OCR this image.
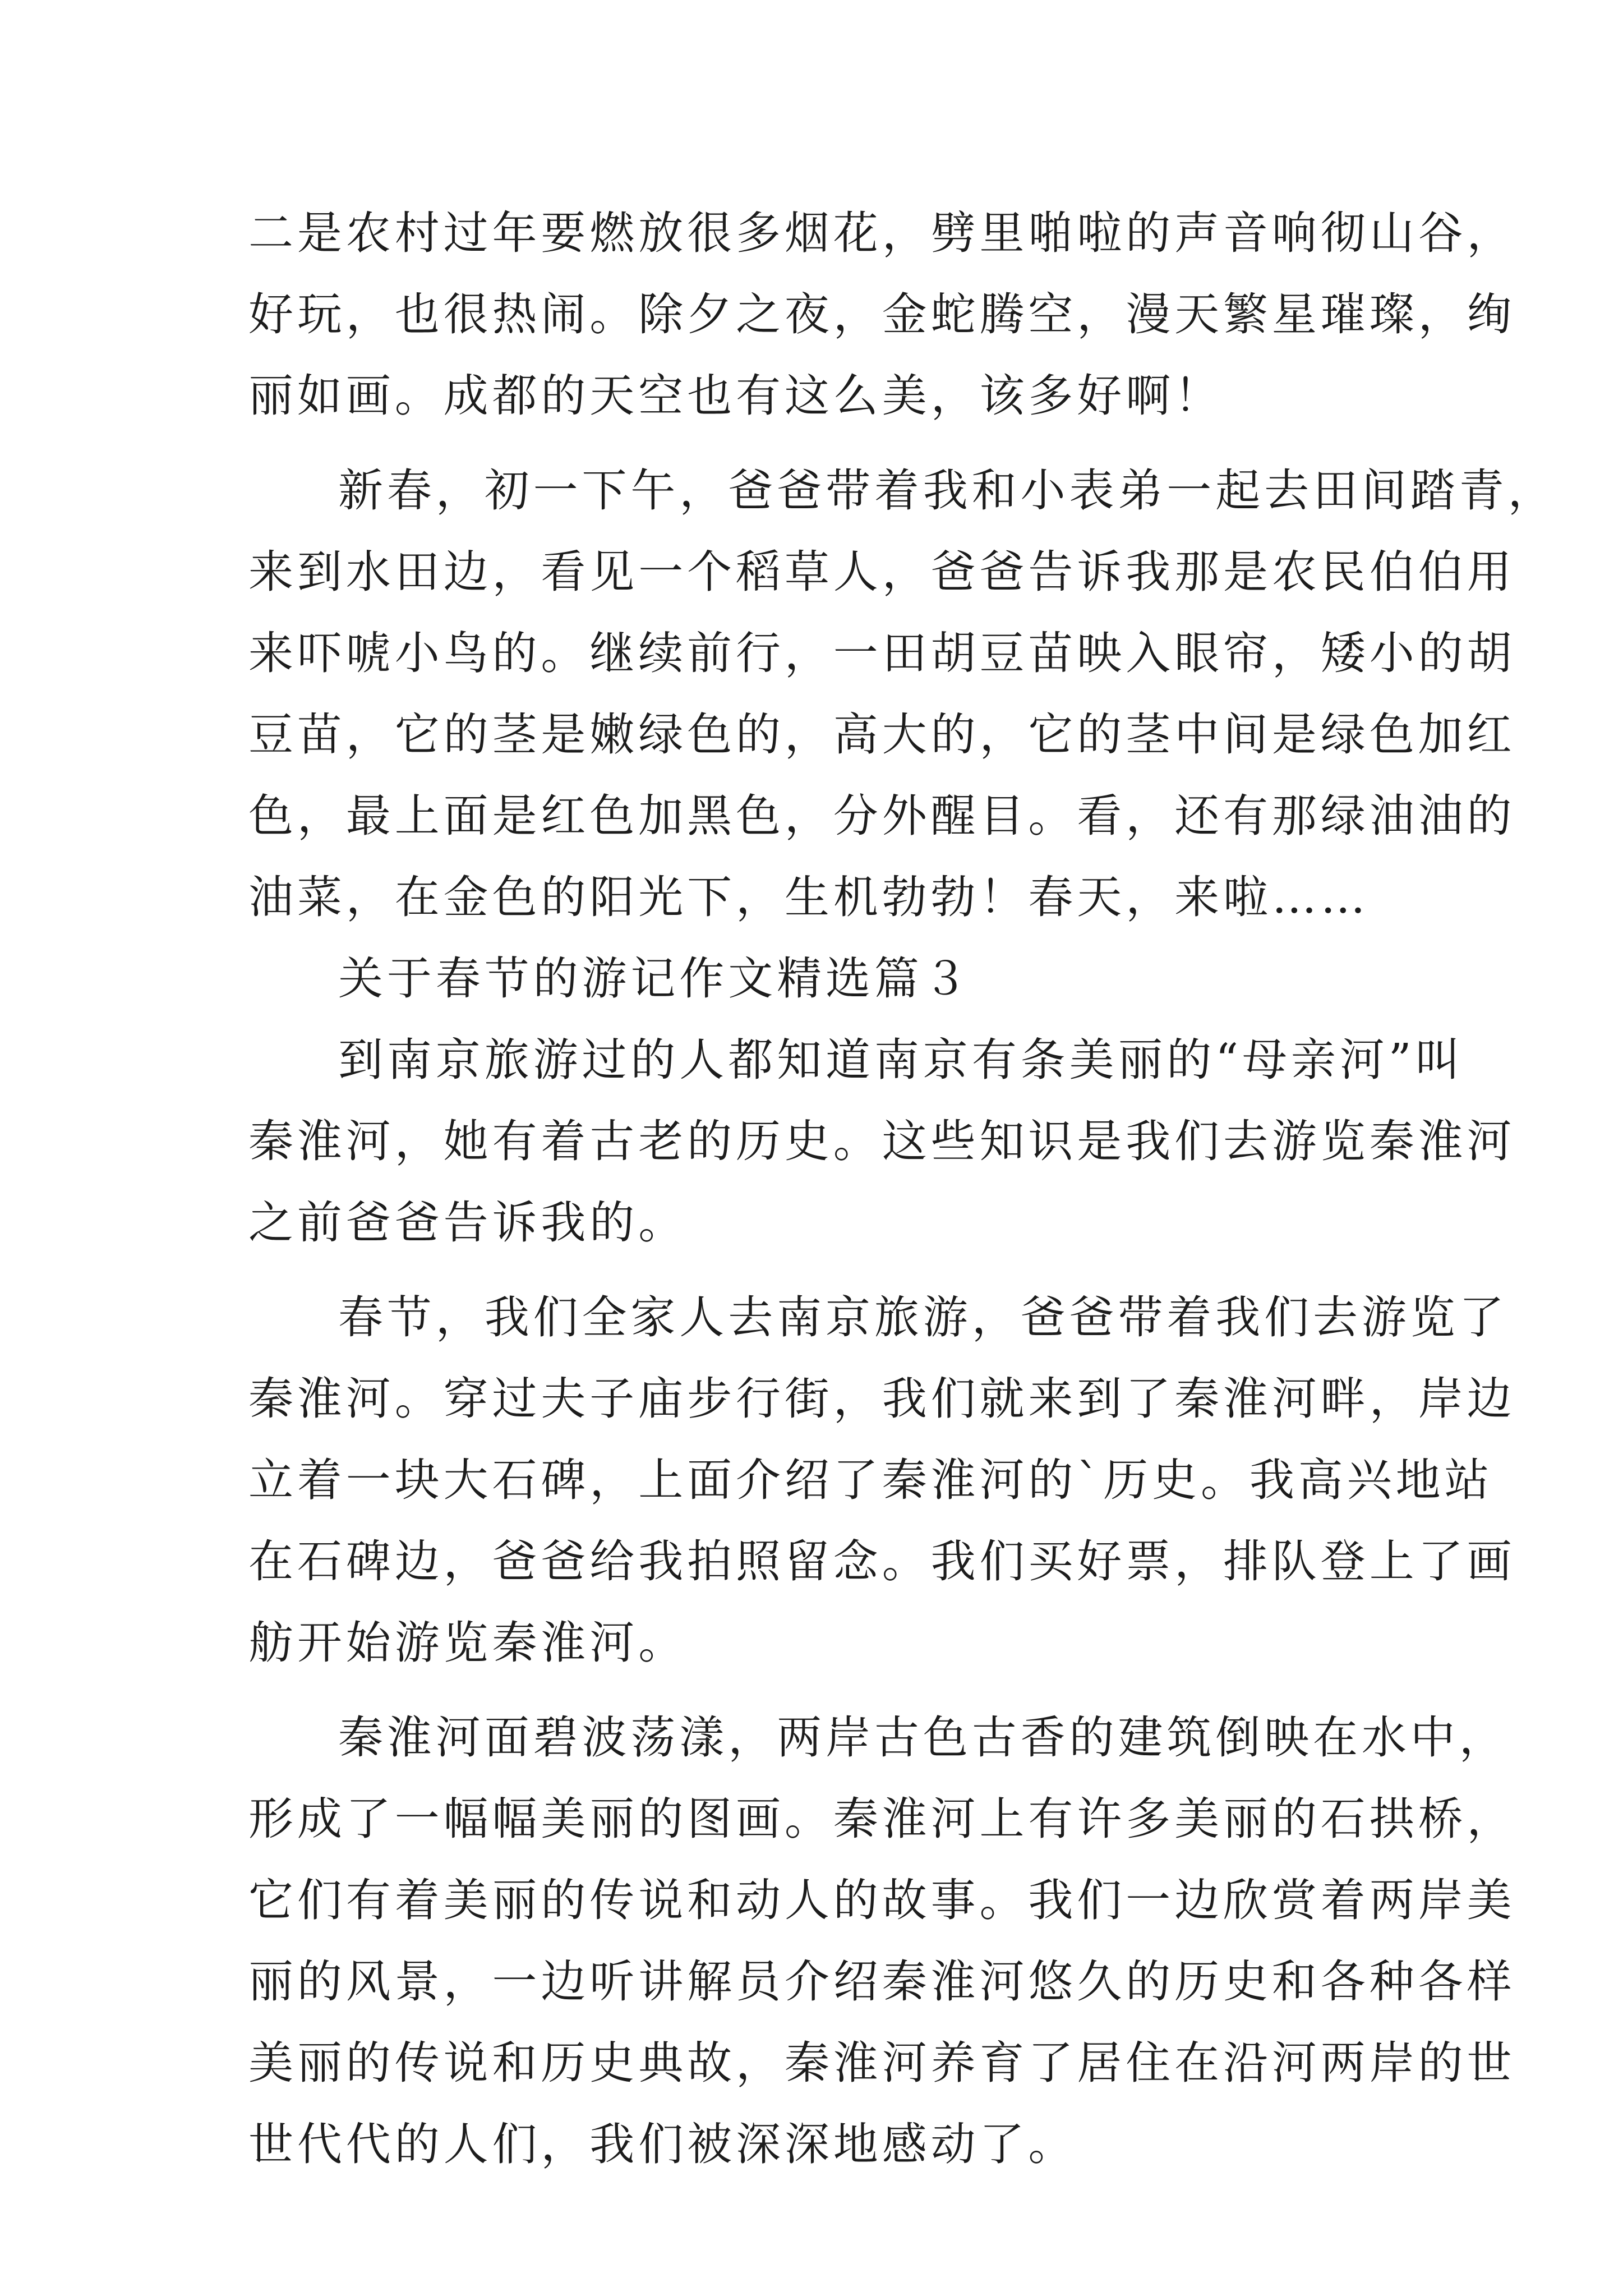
二是农村过年要燃放很多烟花，劈里啪啦的声音响彻山谷，
好玩，也很热闹。除夕之夜，金蛇腾空，漫天繁星璀璨，绚
丽如画。成都的天空也有这么美，该多好啊！
新春，初一下午，爸爸带着我和小表弟一起去田间踏青，
来到水田边，看见一个稻草人，爸爸告诉我那是农民伯伯用
来吓唬小鸟的。继续前行，一田胡豆苗映入眼帘，矮小的胡
豆苗，它的茎是嫩绿色的，高大的，它的茎中间是绿色加红
色，最上面是红色加黑色，分外醒目。看，还有那绿油油的
油菜，在金色的阳光下，生机勃勃！春天，来啦……
关于春节的游记作文精选篇３
到南京旅游过的人都知道南京有条美丽的“母亲河”叫
秦淮河，她有着古老的历史。这些知识是我们去游览秦淮河
之前爸爸告诉我的。
春节，我们全家人去南京旅游，爸爸带着我们去游览了
秦淮河。穿过夫子庙步行街，我们就来到了秦淮河畔，岸边
立着一块大石碑，上面介绍了秦淮河的`历史。我高兴地站
在石碑边，爸爸给我拍照留念。我们买好票，排队登上了画
舫开始游览秦淮河。
秦淮河面碧波荡漾，两岸古色古香的建筑倒映在水中，
形成了一幅幅美丽的图画。秦淮河上有许多美丽的石拱桥，
它们有着美丽的传说和动人的故事。我们一边欣赏着两岸美
丽的风景，一边听讲解员介绍秦淮河悠久的历史和各种各样
美丽的传说和历史典故，秦淮河养育了居住在沿河两岸的世
世代代的人们，我们被深深地感动了。
